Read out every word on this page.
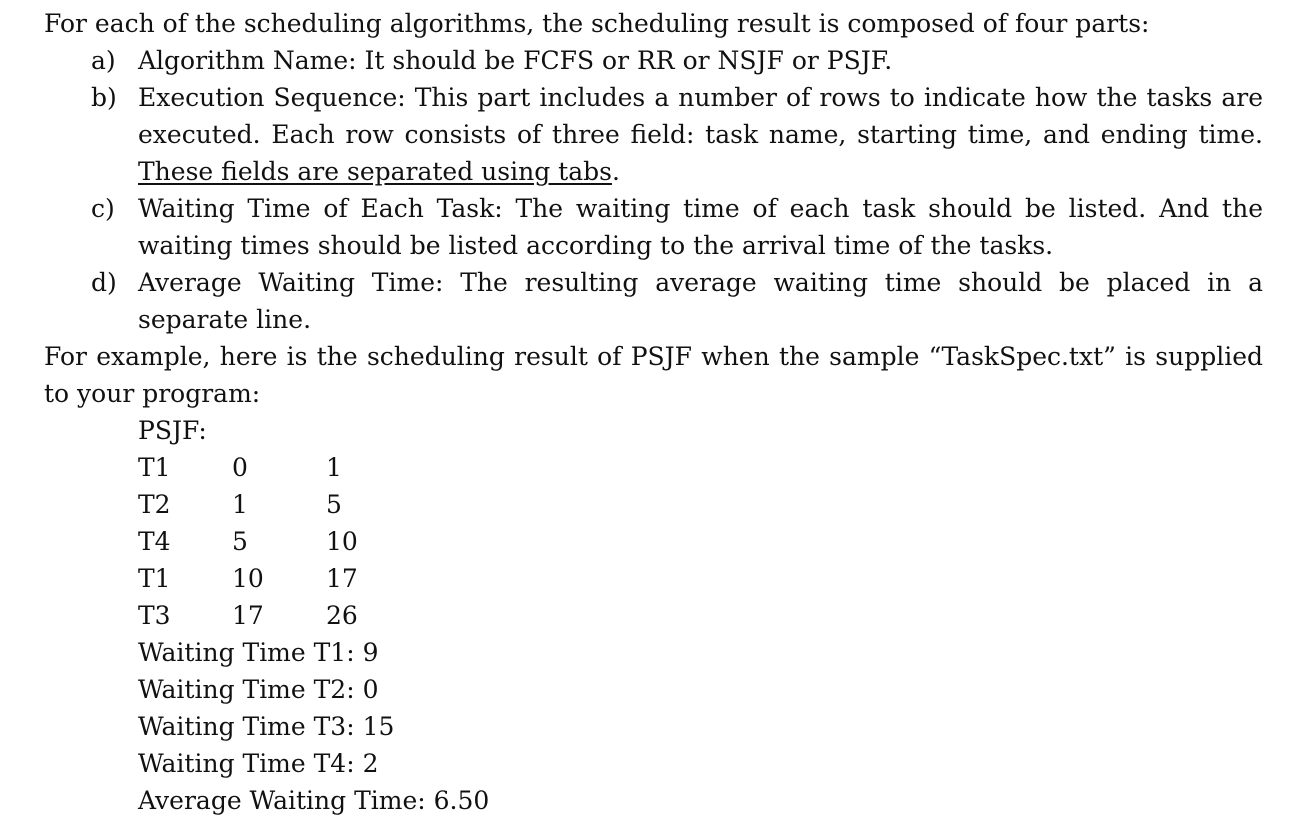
For each of the scheduling algorithms, the scheduling result is composed of four parts:

a) Algorithm Name: It should be FCFS or RR or NSJF or PSJF.
b) Execution Sequence: This part includes a number of rows to indicate how the tasks are executed. Each row consists of three field: task name, starting time, and ending time. These fields are separated using tabs.
c) Waiting Time of Each Task: The waiting time of each task should be listed. And the waiting times should be listed according to the arrival time of the tasks.
d) Average Waiting Time: The resulting average waiting time should be placed in a separate line.

For example, here is the scheduling result of PSJF when the sample “TaskSpec.txt” is supplied to your program:

PSJF:
T1	0	1
T2	1	5
T4	5	10
T1	10	17
T3	17	26
Waiting Time T1: 9
Waiting Time T2: 0
Waiting Time T3: 15
Waiting Time T4: 2
Average Waiting Time: 6.50
